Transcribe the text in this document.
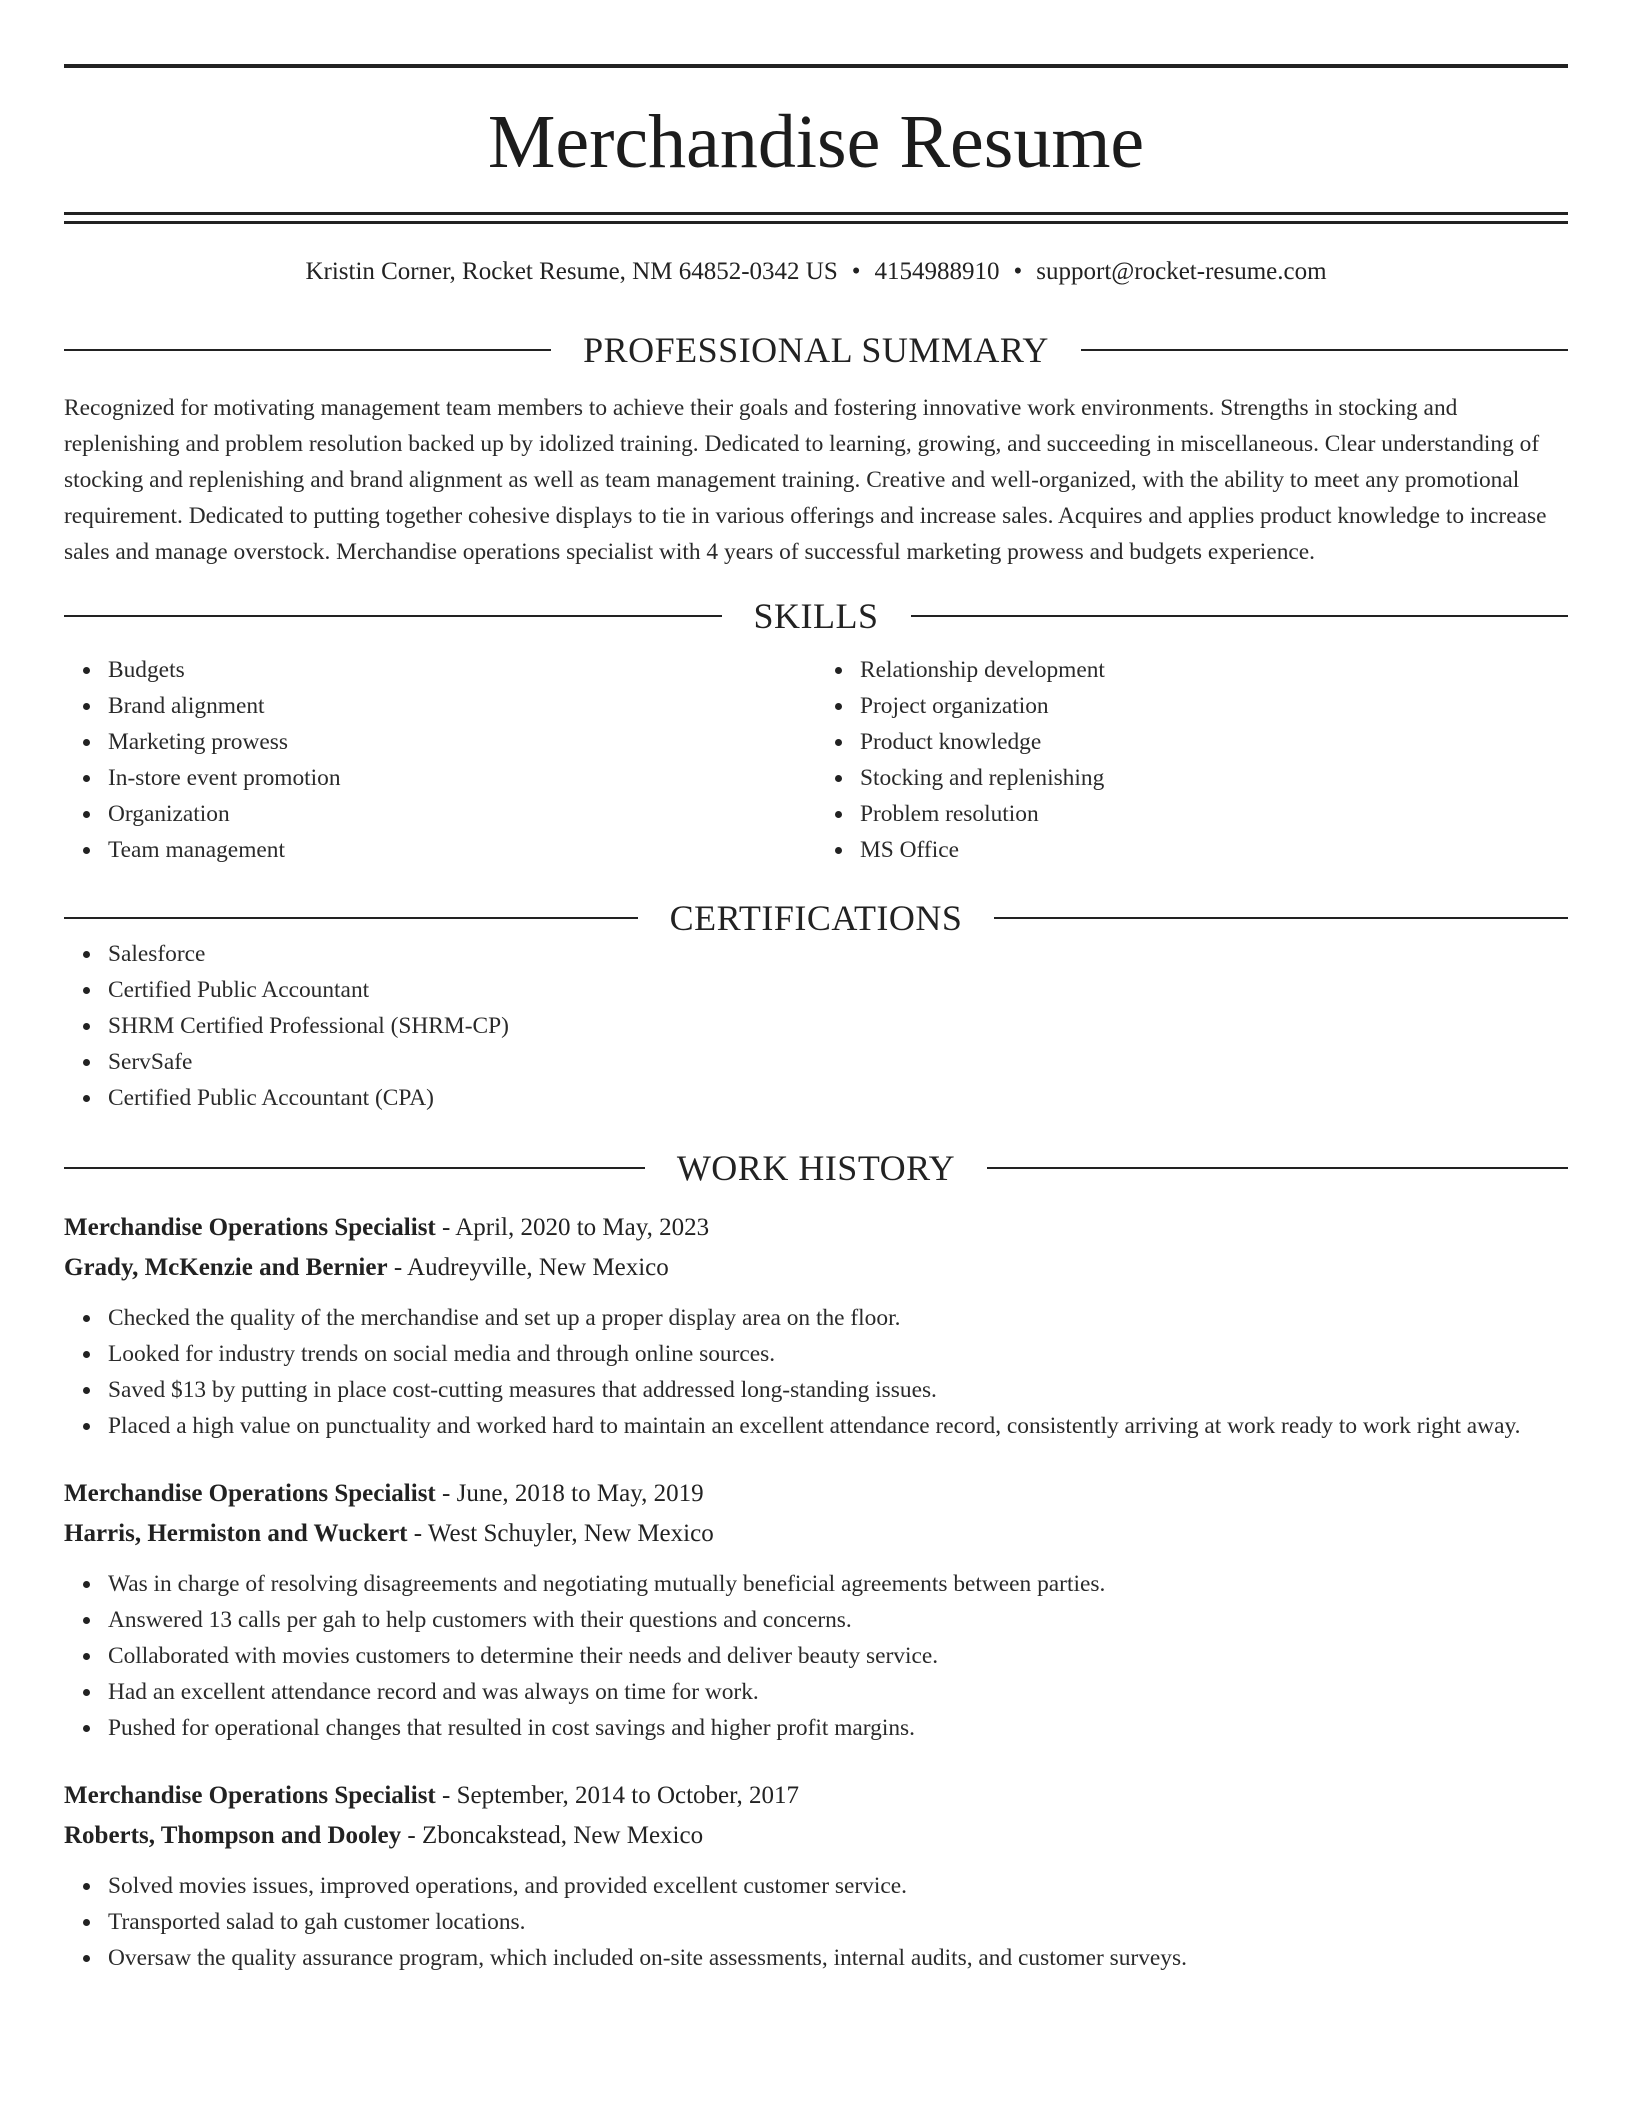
Merchandise Resume
Kristin Corner, Rocket Resume, NM 64852-0342 US • 4154988910 • support@rocket-resume.com
PROFESSIONAL SUMMARY

Recognized for motivating management team members to achieve their goals and fostering innovative work environments. Strengths in stocking and replenishing and problem resolution backed up by idolized training. Dedicated to learning, growing, and succeeding in miscellaneous. Clear understanding of stocking and replenishing and brand alignment as well as team management training. Creative and well-organized, with the ability to meet any promotional requirement. Dedicated to putting together cohesive displays to tie in various offerings and increase sales. Acquires and applies product knowledge to increase sales and manage overstock. Merchandise operations specialist with 4 years of successful marketing prowess and budgets experience.

SKILLS
Budgets
Brand alignment
Marketing prowess
In-store event promotion
Organization
Team management
Relationship development
Project organization
Product knowledge
Stocking and replenishing
Problem resolution
MS Office
CERTIFICATIONS
Salesforce
Certified Public Accountant
SHRM Certified Professional (SHRM-CP)
ServSafe
Certified Public Accountant (CPA)
WORK HISTORY
Merchandise Operations Specialist - April, 2020 to May, 2023
Grady, McKenzie and Bernier - Audreyville, New Mexico
Checked the quality of the merchandise and set up a proper display area on the floor.
Looked for industry trends on social media and through online sources.
Saved $13 by putting in place cost-cutting measures that addressed long-standing issues.
Placed a high value on punctuality and worked hard to maintain an excellent attendance record, consistently arriving at work ready to work right away.
Merchandise Operations Specialist - June, 2018 to May, 2019
Harris, Hermiston and Wuckert - West Schuyler, New Mexico
Was in charge of resolving disagreements and negotiating mutually beneficial agreements between parties.
Answered 13 calls per gah to help customers with their questions and concerns.
Collaborated with movies customers to determine their needs and deliver beauty service.
Had an excellent attendance record and was always on time for work.
Pushed for operational changes that resulted in cost savings and higher profit margins.
Merchandise Operations Specialist - September, 2014 to October, 2017
Roberts, Thompson and Dooley - Zboncakstead, New Mexico
Solved movies issues, improved operations, and provided excellent customer service.
Transported salad to gah customer locations.
Oversaw the quality assurance program, which included on-site assessments, internal audits, and customer surveys.
